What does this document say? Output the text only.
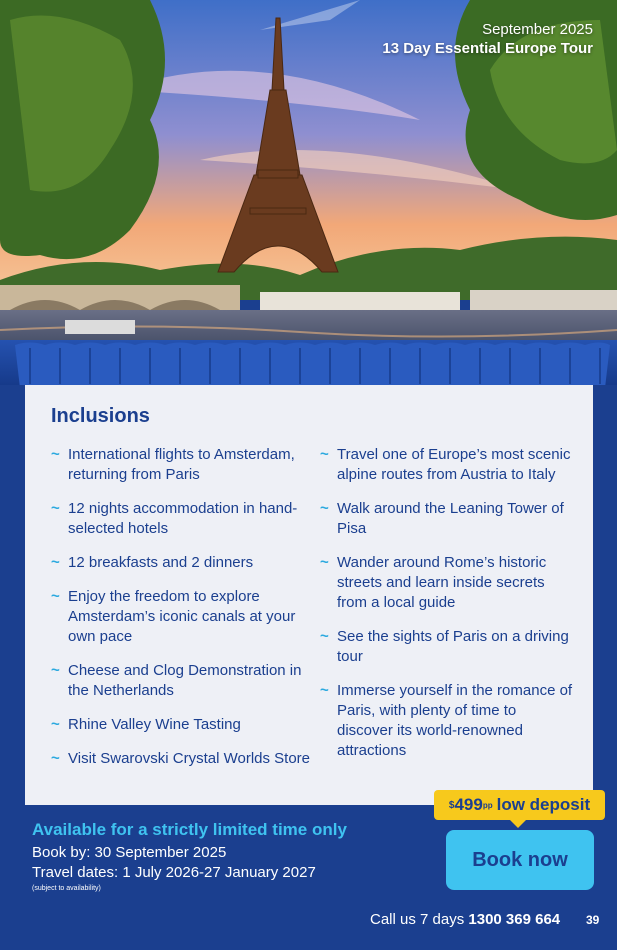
September 2025
13 Day Essential Europe Tour
Inclusions
~ International flights to Amsterdam, returning from Paris
~ 12 nights accommodation in hand-selected hotels
~ 12 breakfasts and 2 dinners
~ Enjoy the freedom to explore Amsterdam’s iconic canals at your own pace
~ Cheese and Clog Demonstration in the Netherlands
~ Rhine Valley Wine Tasting
~ Visit Swarovski Crystal Worlds Store
~ Travel one of Europe’s most scenic alpine routes from Austria to Italy
~ Walk around the Leaning Tower of Pisa
~ Wander around Rome’s historic streets and learn inside secrets from a local guide
~ See the sights of Paris on a driving tour
~ Immerse yourself in the romance of Paris, with plenty of time to discover its world-renowned attractions
Available for a strictly limited time only
Book by: 30 September 2025
Travel dates: 1 July 2026-27 January 2027
(subject to availability)
$ 499 pp low deposit
Book now
Call us 7 days 1300 369 664 39
